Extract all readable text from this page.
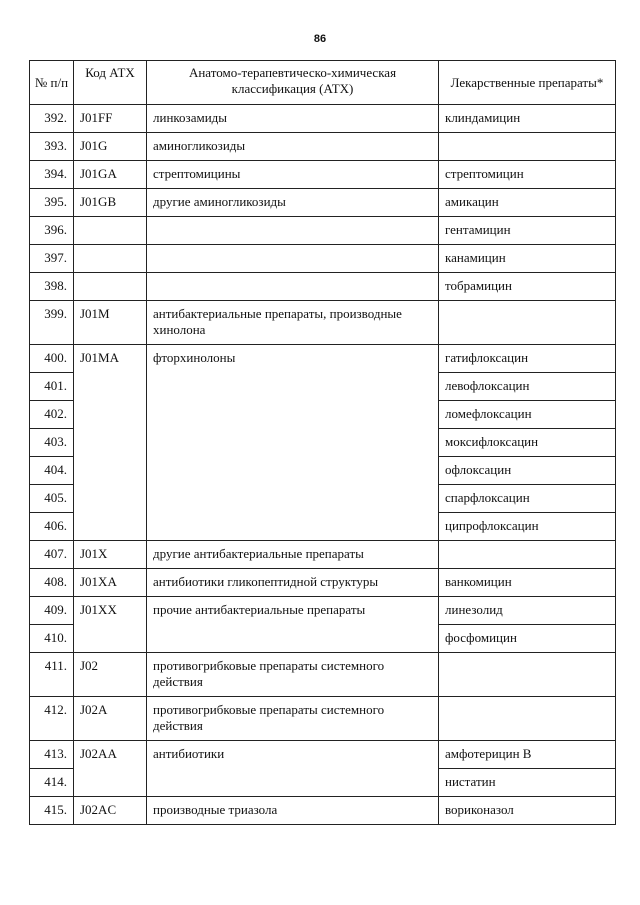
86
№ п/п	Код АТХ	Анатомо-терапевтическо-химическая классификация (АТХ)	Лекарственные препараты*
392.	J01FF	линкозамиды	клиндамицин
393.	J01G	аминогликозиды	
394.	J01GA	стрептомицины	стрептомицин
395.	J01GB	другие аминогликозиды	амикацин
396.			гентамицин
397.			канамицин
398.			тобрамицин
399.	J01M	антибактериальные препараты, производные хинолона	
400.	J01MA	фторхинолоны	гатифлоксацин
401.			левофлоксацин
402.			ломефлоксацин
403.			моксифлоксацин
404.			офлоксацин
405.			спарфлоксацин
406.			ципрофлоксацин
407.	J01X	другие антибактериальные препараты	
408.	J01XA	антибиотики гликопептидной структуры	ванкомицин
409.	J01XX	прочие антибактериальные препараты	линезолид
410.			фосфомицин
411.	J02	противогрибковые препараты системного действия	
412.	J02A	противогрибковые препараты системного действия	
413.	J02AA	антибиотики	амфотерицин В
414.			нистатин
415.	J02AC	производные триазола	вориконазол
